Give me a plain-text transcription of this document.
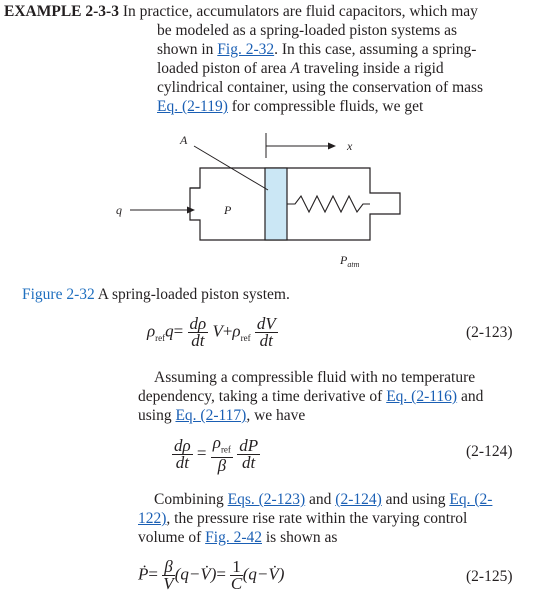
EXAMPLE 2-3-3 In practice, accumulators are fluid capacitors, which may
be modeled as a spring-loaded piston systems as
shown in Fig. 2-32. In this case, assuming a spring-
loaded piston of area A traveling inside a rigid
cylindrical container, using the conservation of mass
Eq. (2-119) for compressible fluids, we get
A	x
q	P
$P_{atm}$
Figure 2-32 A spring-loaded piston system.
$\rho_{ref}q= \frac{d\rho}{dt} V+\rho_{ref} \frac{dV}{dt}$	(2-123)
Assuming a compressible fluid with no temperature
dependency, taking a time derivative of Eq. (2-116) and
using Eq. (2-117), we have
$\frac{d\rho}{dt} = \frac{\rho_{ref}}{\beta}$
$\frac{dP}{dt}$	(2-124)
Combining Eqs. (2-123) and (2-124) and using Eq. (2-
122), the pressure rise rate within the varying control
volume of Fig. 2-42 is shown as
Ṗ= $\frac{\beta}{V}$ (q−V̇)= $\frac{1}{C}$ (q−V̇)	(2-125)
